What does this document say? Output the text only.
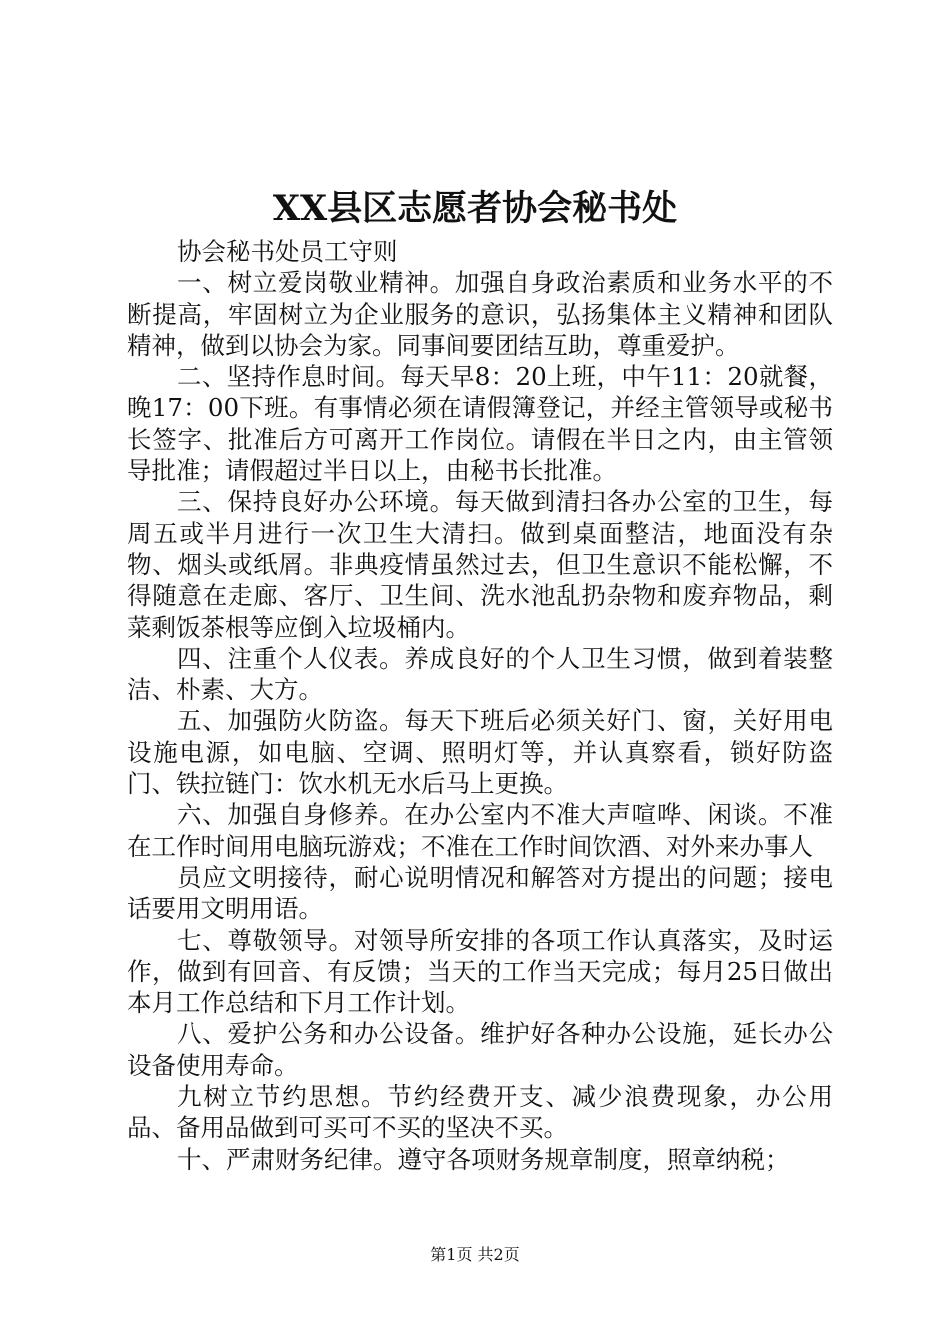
XX县区志愿者协会秘书处

协会秘书处员工守则

一、树立爱岗敬业精神。加强自身政治素质和业务水平的不断提高，牢固树立为企业服务的意识，弘扬集体主义精神和团队精神，做到以协会为家。同事间要团结互助，尊重爱护。

二、坚持作息时间。每天早8：20上班，中午11：20就餐，晚17：00下班。有事情必须在请假簿登记，并经主管领导或秘书长签字、批准后方可离开工作岗位。请假在半日之内，由主管领导批准；请假超过半日以上，由秘书长批准。

三、保持良好办公环境。每天做到清扫各办公室的卫生，每周五或半月进行一次卫生大清扫。做到桌面整洁，地面没有杂物、烟头或纸屑。非典疫情虽然过去，但卫生意识不能松懈，不得随意在走廊、客厅、卫生间、洗水池乱扔杂物和废弃物品，剩菜剩饭茶根等应倒入垃圾桶内。

四、注重个人仪表。养成良好的个人卫生习惯，做到着装整洁、朴素、大方。

五、加强防火防盗。每天下班后必须关好门、窗，关好用电设施电源，如电脑、空调、照明灯等，并认真察看，锁好防盗门、铁拉链门：饮水机无水后马上更换。

六、加强自身修养。在办公室内不准大声喧哗、闲谈。不准在工作时间用电脑玩游戏；不准在工作时间饮酒、对外来办事人

员应文明接待，耐心说明情况和解答对方提出的问题；接电话要用文明用语。

七、尊敬领导。对领导所安排的各项工作认真落实，及时运作，做到有回音、有反馈；当天的工作当天完成；每月25日做出本月工作总结和下月工作计划。

八、爱护公务和办公设备。维护好各种办公设施，延长办公设备使用寿命。

九树立节约思想。节约经费开支、减少浪费现象，办公用品、备用品做到可买可不买的坚决不买。

十、严肃财务纪律。遵守各项财务规章制度，照章纳税；

第1页 共2页
